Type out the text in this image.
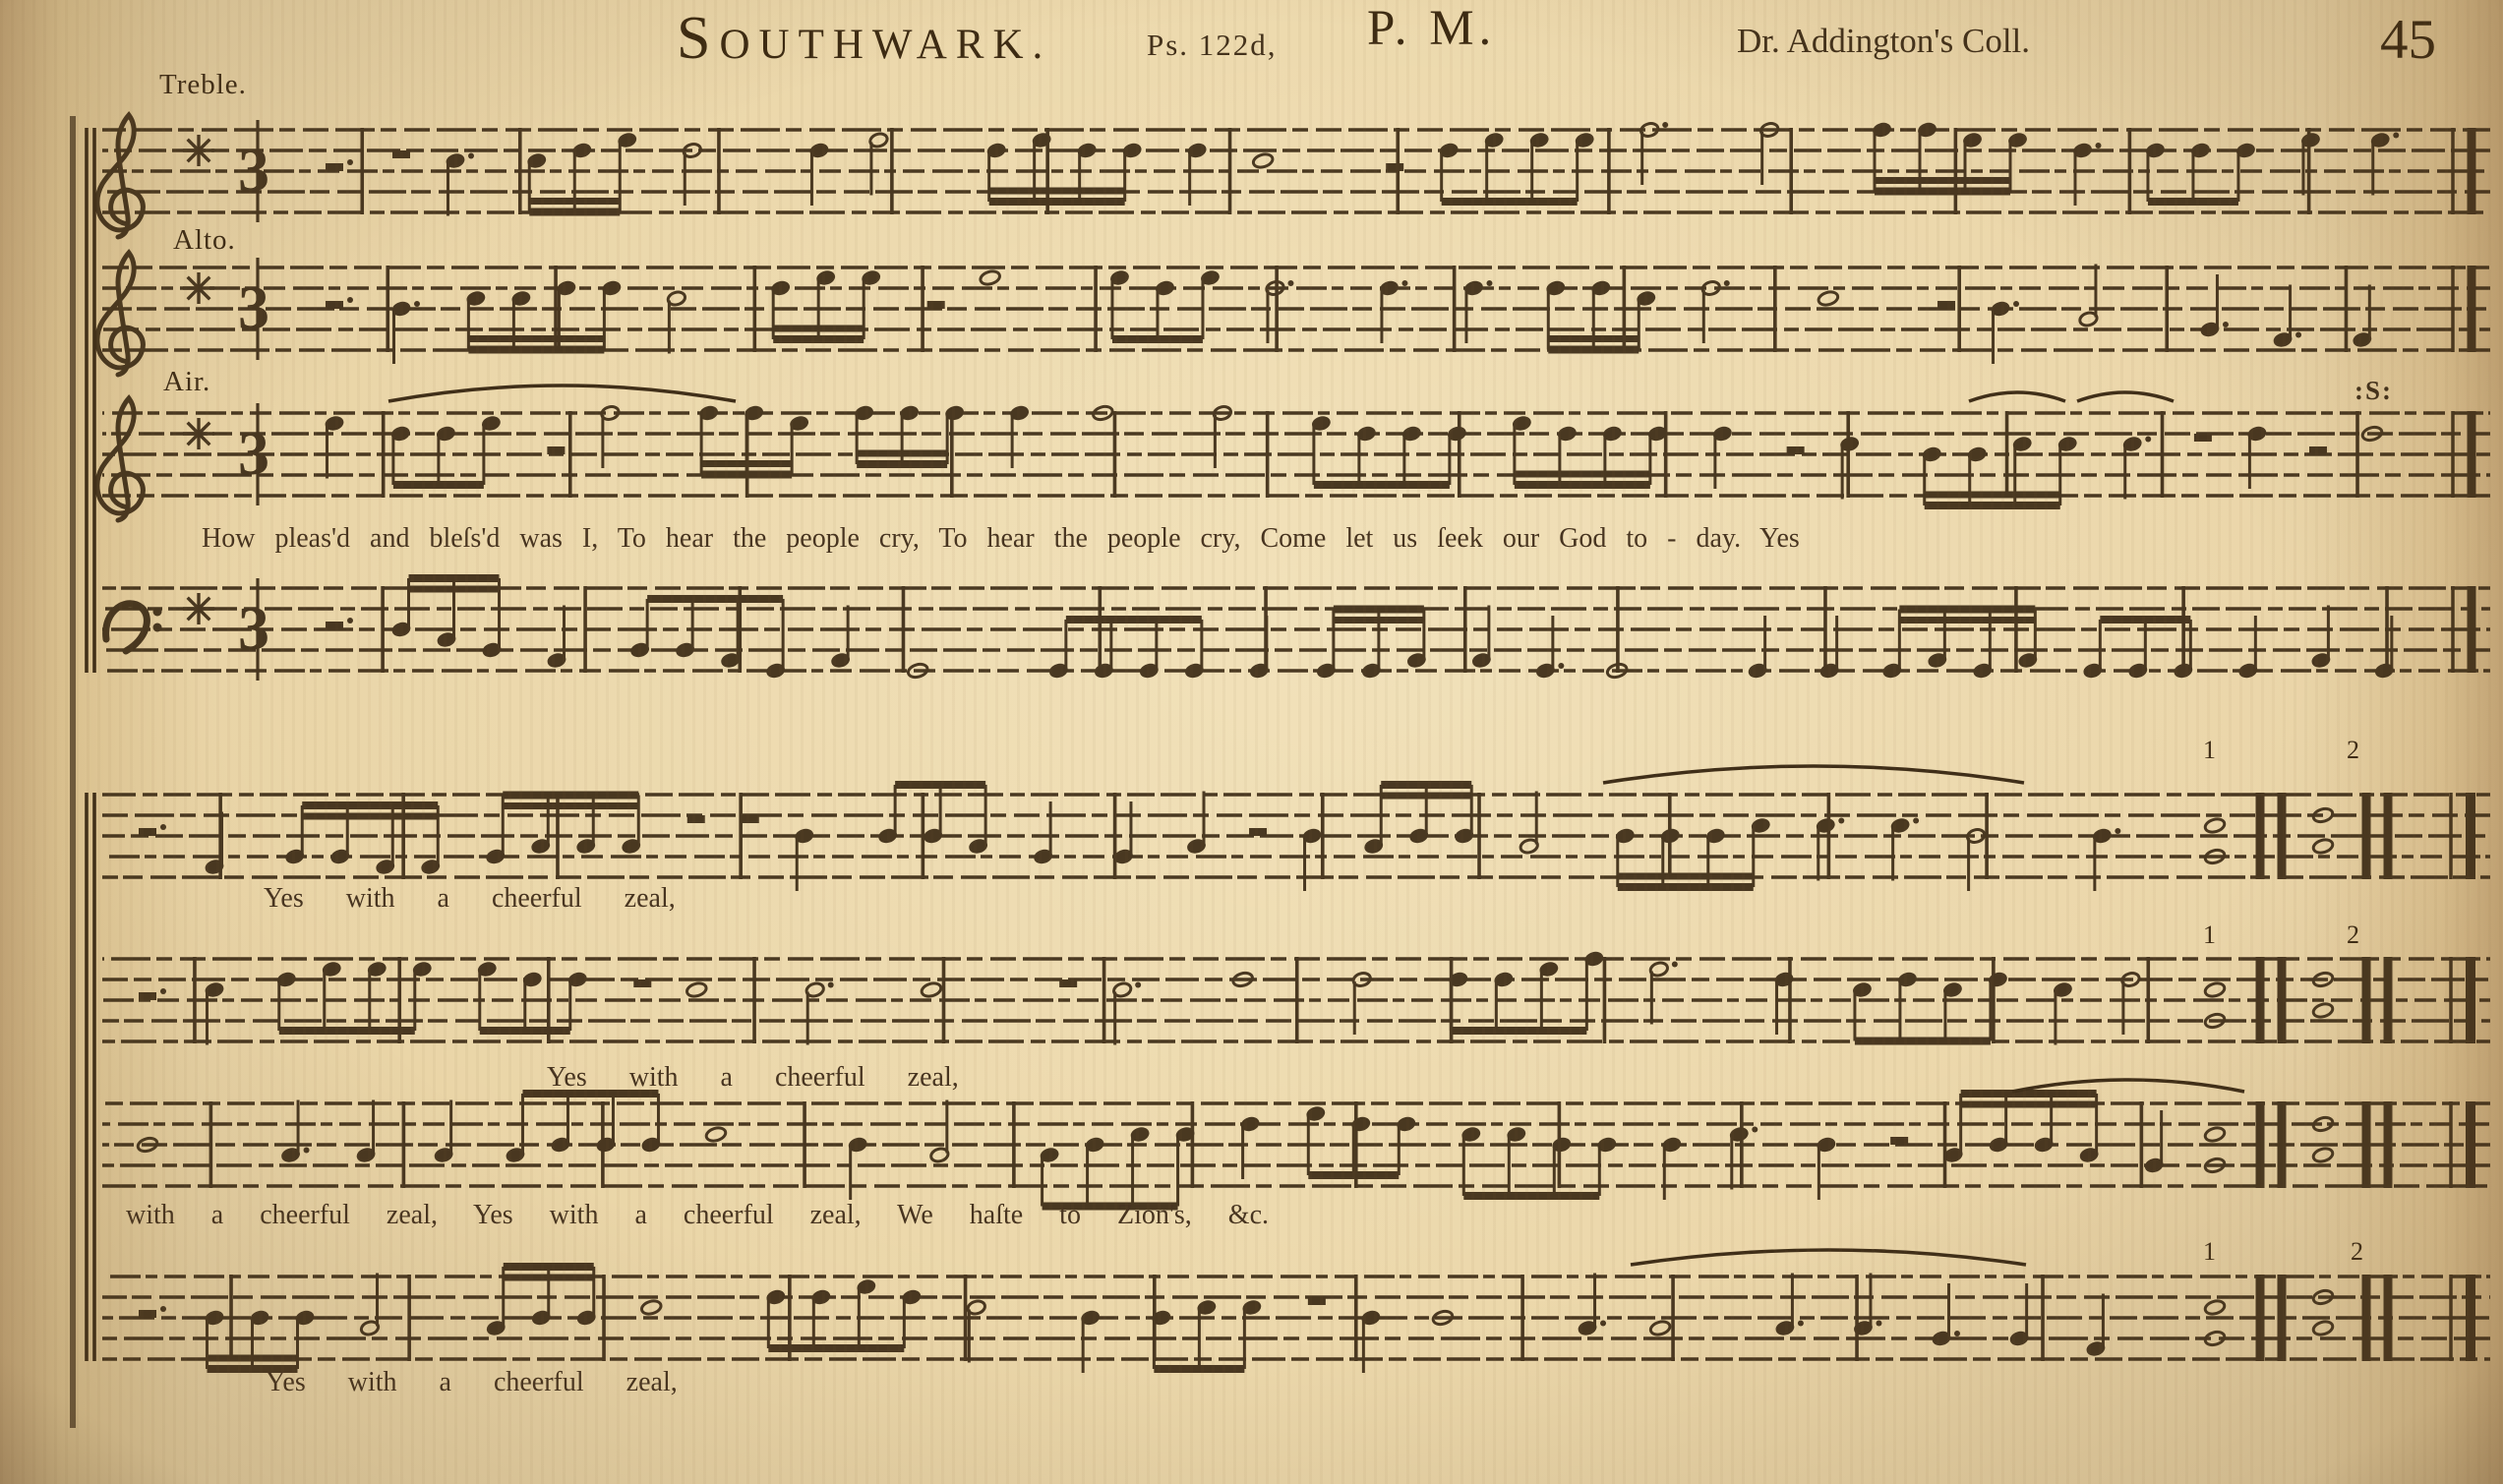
3
3
3
3
SOUTHWARK.	Ps. 122d, P. M.	Dr. Addington's Coll.	45
Treble.
Alto.
Air.	:S:
1	2
1	2
1	2
How pleas'd and bleſs'd was I, To hear the people cry, To hear the people cry, Come let us ſeek our God to - day. Yes
Yes with a cheerful zeal,
Yes with a cheerful zeal,
with a cheerful zeal, Yes with a cheerful zeal, We haſte to Zion's, &c.
Yes with a cheerful zeal,
